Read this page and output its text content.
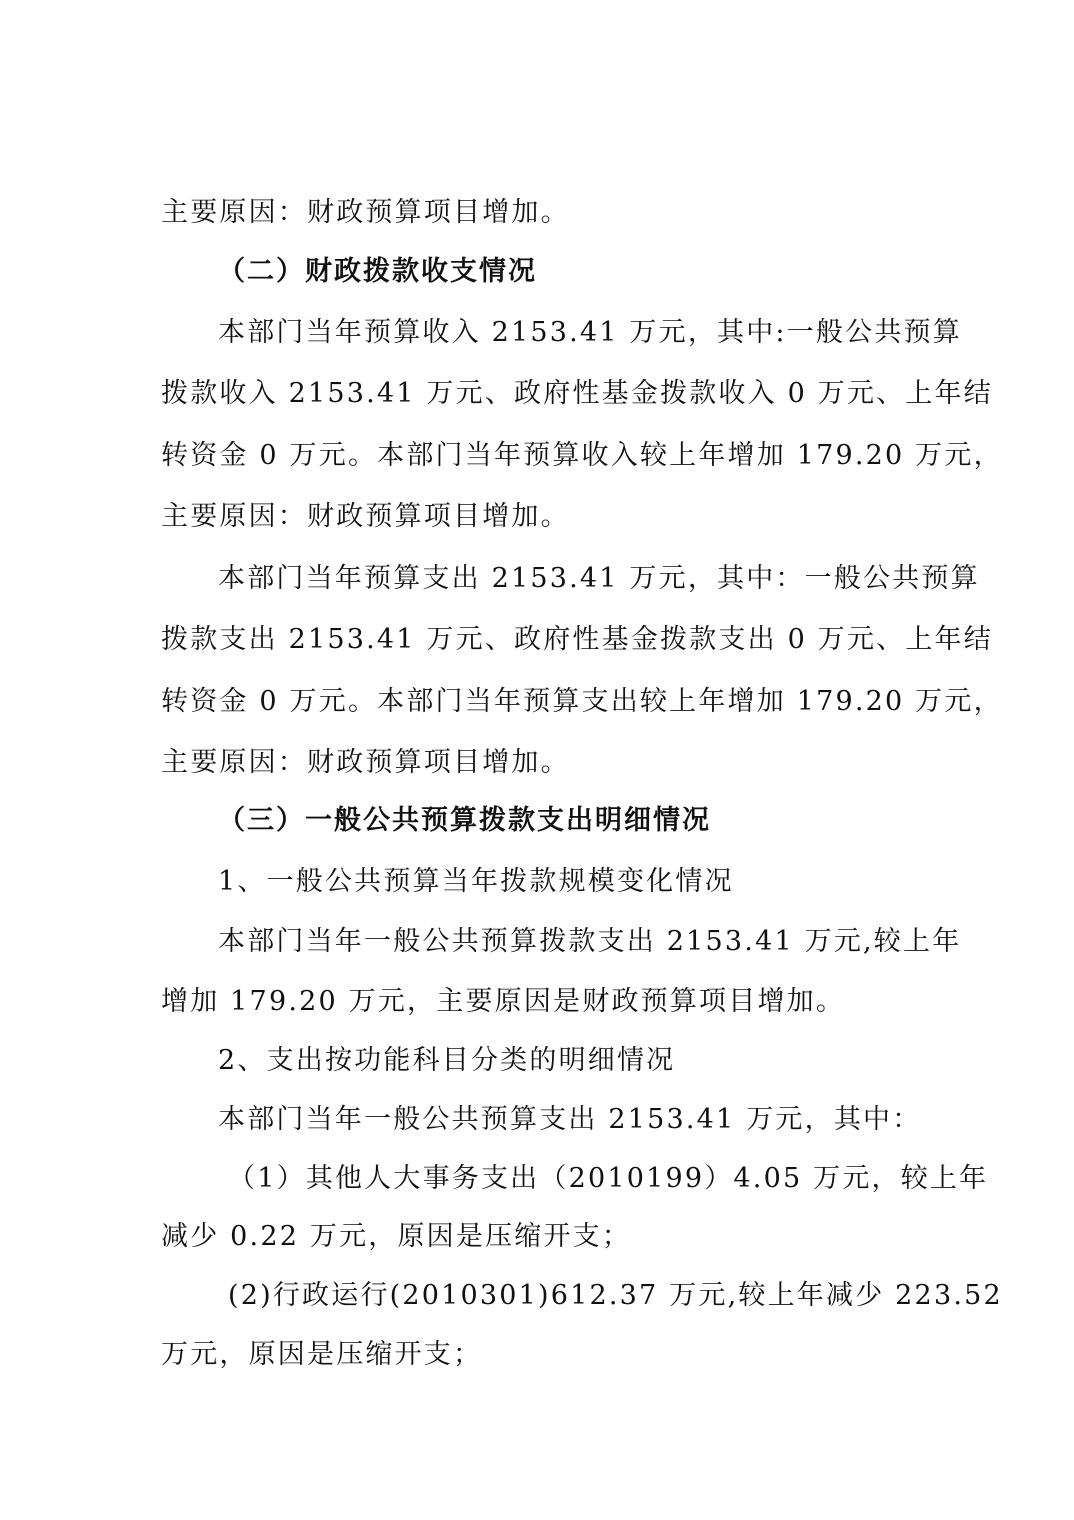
主要原因：财政预算项目增加。
（二）财政拨款收支情况
本部门当年预算收入 2153.41 万元，其中:一般公共预算
拨款收入 2153.41 万元、政府性基金拨款收入 0 万元、上年结
转资金 0 万元。本部门当年预算收入较上年增加 179.20 万元，
主要原因：财政预算项目增加。
本部门当年预算支出 2153.41 万元，其中：一般公共预算
拨款支出 2153.41 万元、政府性基金拨款支出 0 万元、上年结
转资金 0 万元。本部门当年预算支出较上年增加 179.20 万元，
主要原因：财政预算项目增加。
（三）一般公共预算拨款支出明细情况
1、一般公共预算当年拨款规模变化情况
本部门当年一般公共预算拨款支出 2153.41 万元,较上年
增加 179.20 万元，主要原因是财政预算项目增加。
2、支出按功能科目分类的明细情况
本部门当年一般公共预算支出 2153.41 万元，其中：
（1）其他人大事务支出（2010199）4.05 万元，较上年
减少 0.22 万元，原因是压缩开支；
(2)行政运行(2010301)612.37 万元,较上年减少 223.52
万元，原因是压缩开支；
